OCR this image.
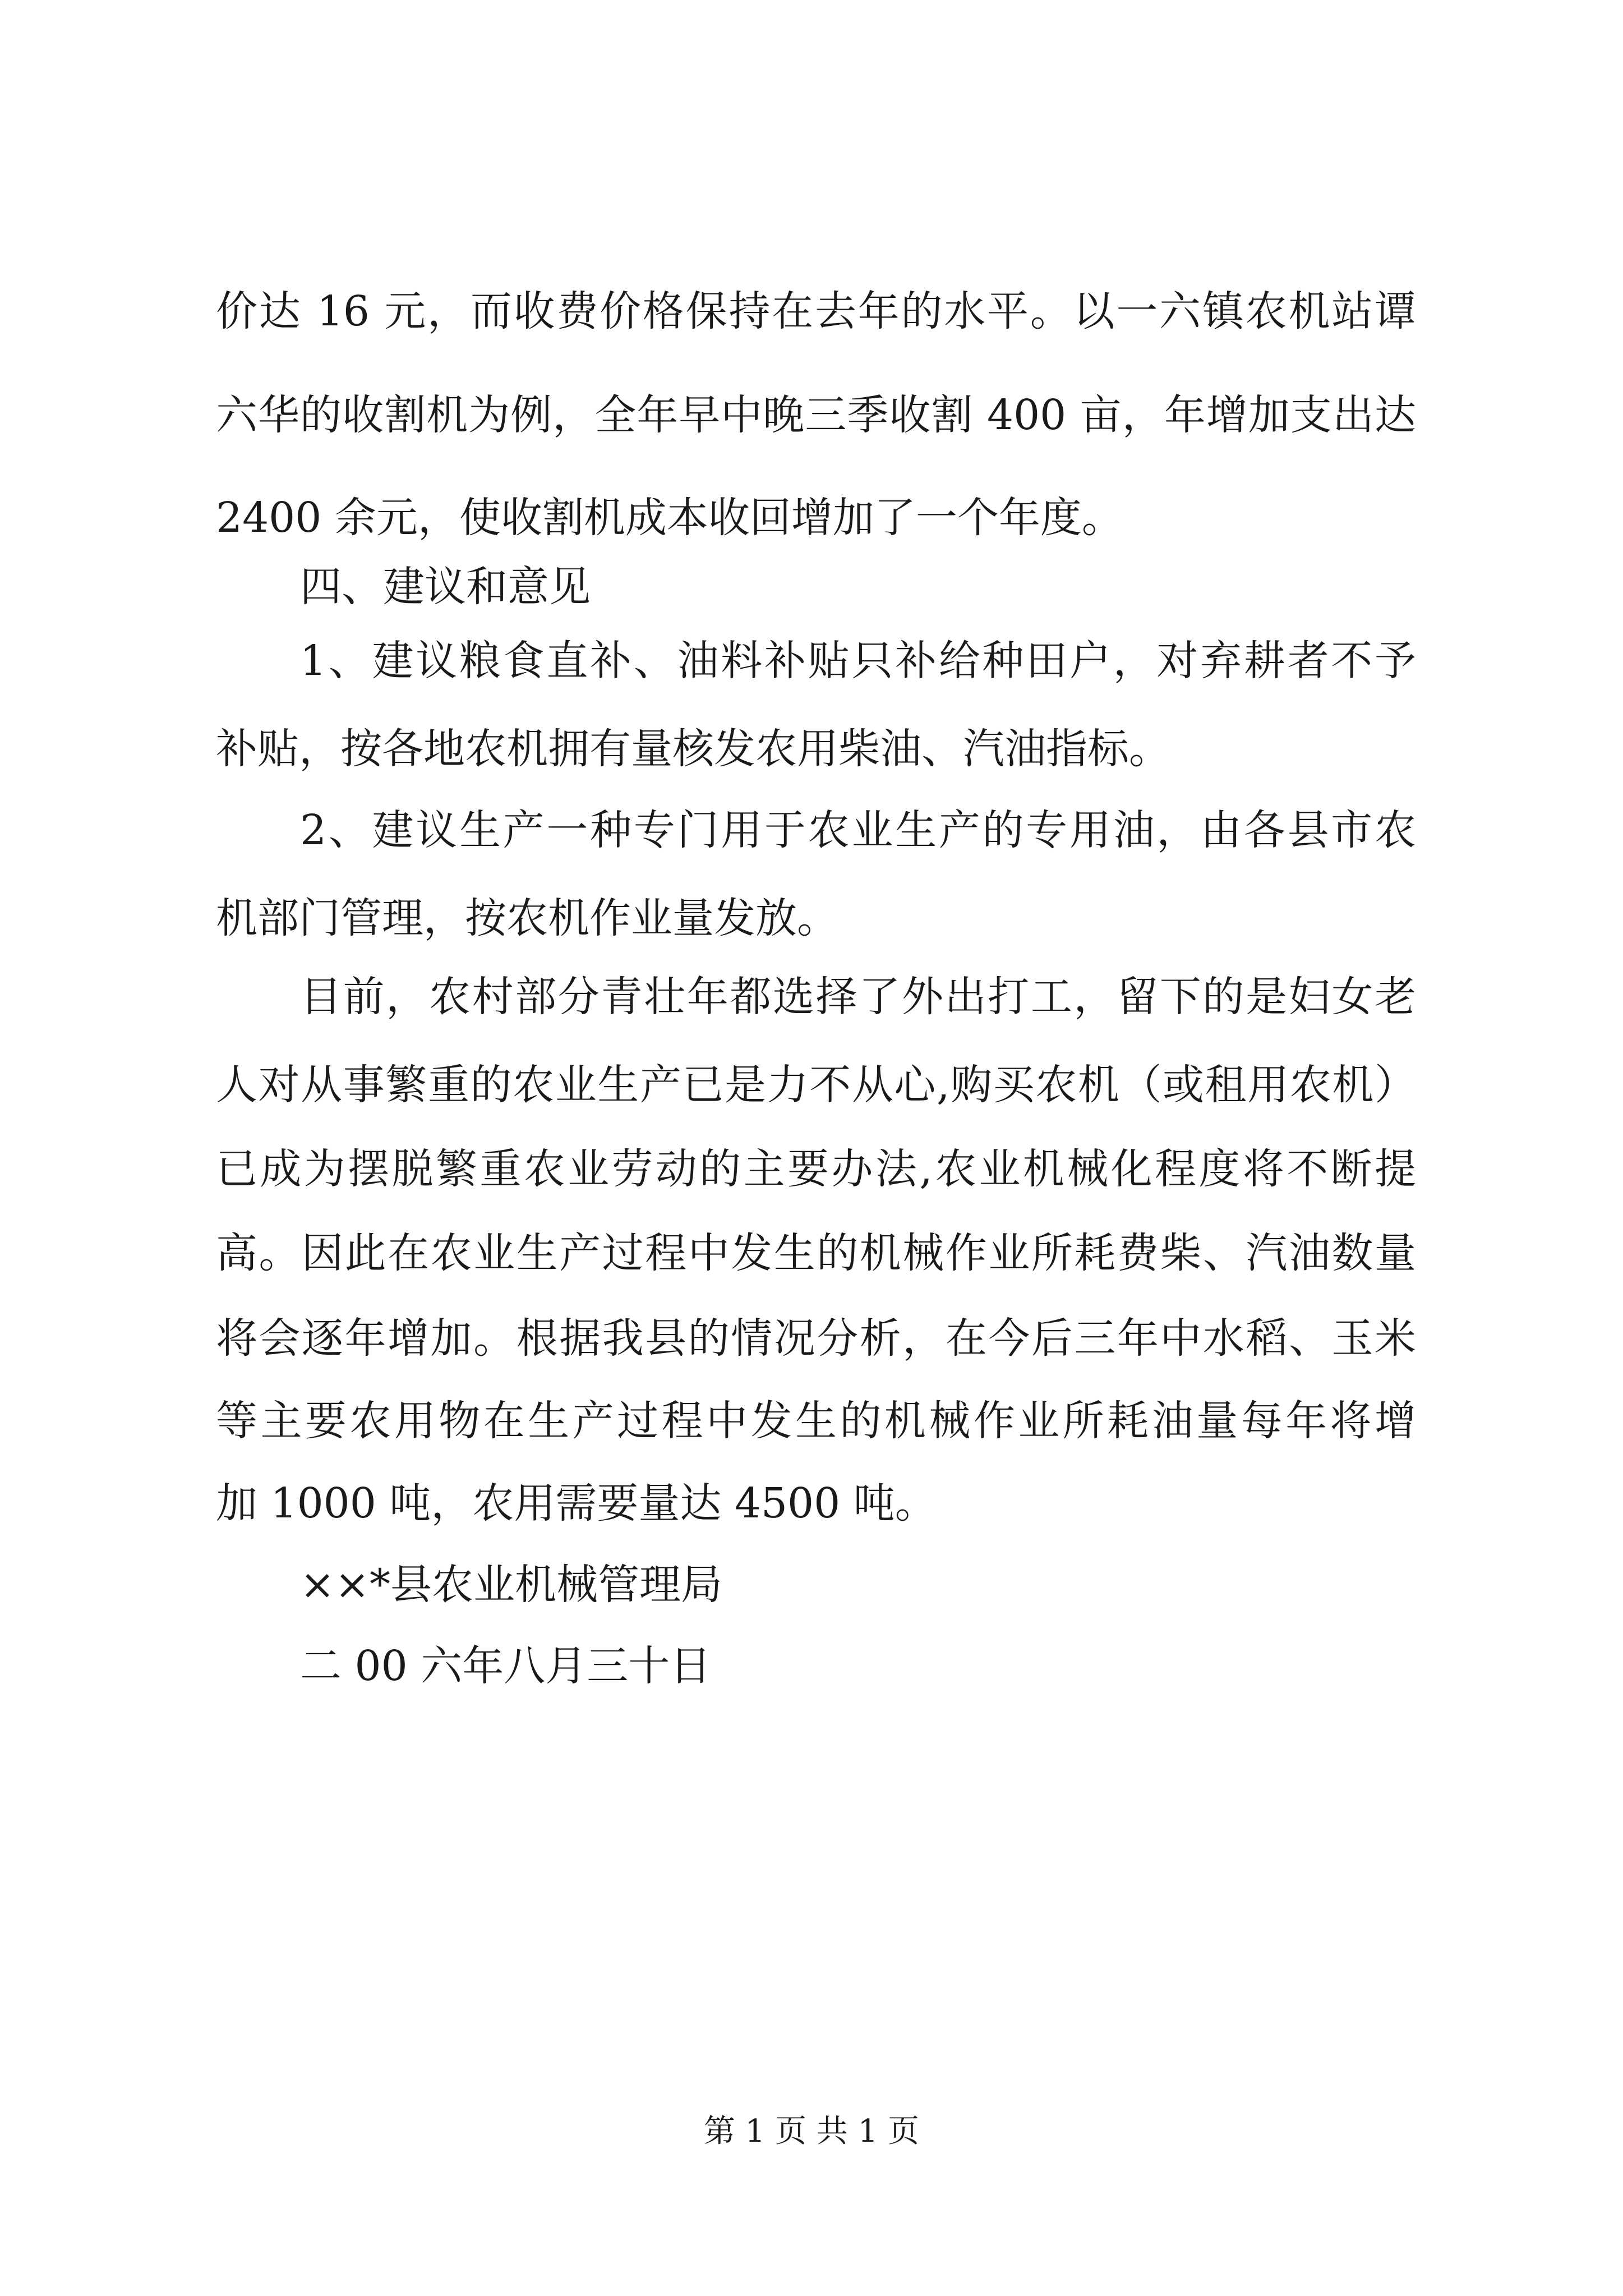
价达 16 元，而收费价格保持在去年的水平。以一六镇农机站谭

六华的收割机为例，全年早中晚三季收割 400 亩，年增加支出达

2400 余元，使收割机成本收回增加了一个年度。

四、建议和意见

1、建议粮食直补、油料补贴只补给种田户，对弃耕者不予

补贴，按各地农机拥有量核发农用柴油、汽油指标。

2、建议生产一种专门用于农业生产的专用油，由各县市农

机部门管理，按农机作业量发放。

目前，农村部分青壮年都选择了外出打工，留下的是妇女老

人对从事繁重的农业生产已是力不从心,购买农机（或租用农机）

已成为摆脱繁重农业劳动的主要办法,农业机械化程度将不断提

高。因此在农业生产过程中发生的机械作业所耗费柴、汽油数量

将会逐年增加。根据我县的情况分析，在今后三年中水稻、玉米

等主要农用物在生产过程中发生的机械作业所耗油量每年将增

加 1000 吨，农用需要量达 4500 吨。

××*县农业机械管理局

二 00 六年八月三十日

第 1 页 共 1 页
